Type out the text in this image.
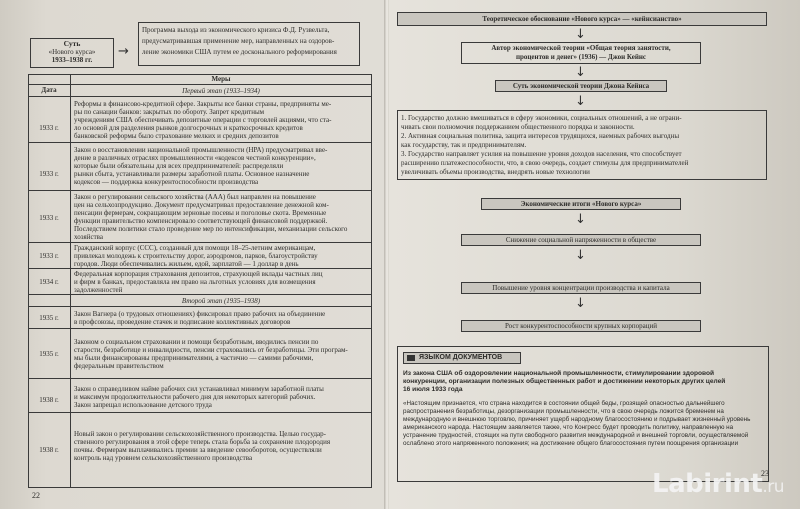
Суть
«Нового курса»
1933–1938 гг.
→
Программа выхода из экономического кризиса Ф.Д. Рузвельта,
предусматривавшая применение мер, направленных на оздоров-
ление экономики США путем ее досконального реформирования
Дата
Меры
Первый этап (1933–1934)
1933 г.
1933 г.
1933 г.
1933 г.
1934 г.
Второй этап (1935–1938)
1935 г.
1935 г.
1938 г.
1938 г.
Реформы в финансово-кредитной сфере. Закрыты все банки страны, предприняты ме-
ры по санации банков: закрытых по обороту. Запрет кредитным
учреждениям США обеспечивать депозитные операции с торговлей акциями, что ста-
ло основой для разделения рынков долгосрочных и краткосрочных кредитов
банковской реформы было страхование мелких и средних депозитов
Закон о восстановлении национальной промышленности (НРА) предусматривал вве-
дение в различных отраслях промышленности «кодексов честной конкуренции»,
которые были обязательны для всех предпринимателей: распределяли
рынки сбыта, устанавливали размеры заработной платы. Основное назначение
кодексов — поддержка конкурентоспособности производства
Закон о регулировании сельского хозяйства (AAA) был направлен на повышение
цен на сельхозпродукцию. Документ предусматривал предоставление денежной ком-
пенсации фермерам, сокращающим зерновые посевы и поголовье скота. Временные
функции правительство компенсировало соответствующей финансовой поддержкой.
Последствием политики стало проведение мер по интенсификации, механизации сельского
хозяйства
Гражданский корпус (ССС), созданный для помощи 18–25-летним американцам,
привлекал молодежь к строительству дорог, аэродромов, парков, благоустройству
городов. Люди обеспечивались жильем, едой, зарплатой — 1 доллар в день
Федеральная корпорация страхования депозитов, страхующей вклады частных лиц
и фирм в банках, предоставляла им право на льготных условиях для возмещения
задолженностей
Закон Вагнера (о трудовых отношениях) фиксировал право рабочих на объединение
в профсоюзы, проведение стачек и подписание коллективных договоров
Законом о социальном страховании и помощи безработным, вводились пенсии по
старости, безработице и инвалидности, пенсии страховались от безработицы. Эти програм-
мы были финансированы предпринимателями, а частично — самими рабочими,
федеральным правительством
Закон о справедливом найме рабочих сил устанавливал минимум заработной платы
и максимум продолжительности рабочего дня для некоторых категорий рабочих.
Закон запрещал использование детского труда
Новый закон о регулировании сельскохозяйственного производства. Целью государ-
ственного регулирования в этой сфере теперь стала борьба за сохранение плодородия
почвы. Фермерам выплачивались премии за введение севооборотов, осуществляли
контроль над уровнем сельскохозяйственного производства
22
Теоретическое обоснование «Нового курса» — «кейнсианство»
↓
Автор экономической теории «Общая теория занятости,
процентов и денег» (1936) — Джон Кейнс
↓
Суть экономической теории Джона Кейнса
↓
1. Государство должно вмешиваться в сферу экономики, социальных отношений, а не ограни-
чивать свои полномочия поддержанием общественного порядка и законности.
2. Активная социальная политика, защита интересов трудящихся, наемных рабочих выгодны
как государству, так и предпринимателям.
3. Государство направляет усилия на повышение уровня доходов населения, что способствует
расширению платежеспособности, что, в свою очередь, создает стимулы для предпринимателей
увеличивать объемы производства, внедрять новые технологии
Экономические итоги «Нового курса»
↓
Снижение социальной напряженности в обществе
↓
Повышение уровня концентрации производства и капитала
↓
Рост конкурентоспособности крупных корпораций
ЯЗЫКОМ ДОКУМЕНТОВ
Из закона США об оздоровлении национальной промышленности, стимулировании здоровой
конкуренции, организации полезных общественных работ и достижении некоторых других целей
16 июля 1933 года
«Настоящим признается, что страна находится в состоянии общей беды, грозящей опасностью дальнейшего
распространения безработицы, дезорганизации промышленности, что в свою очередь ложится бременем на
международную и внешнюю торговлю, причиняет ущерб народному благосостоянию и подрывает жизненный уровень
американского народа. Настоящим заявляется также, что Конгресс будет проводить политику, направленную на
устранение трудностей, стоящих на пути свободного развития международной и внешней торговли, осуществляемой
ослаблено этого напряженного положения; на достижение общего благосостояния путем поощрения организации
23
Labirint.ru
